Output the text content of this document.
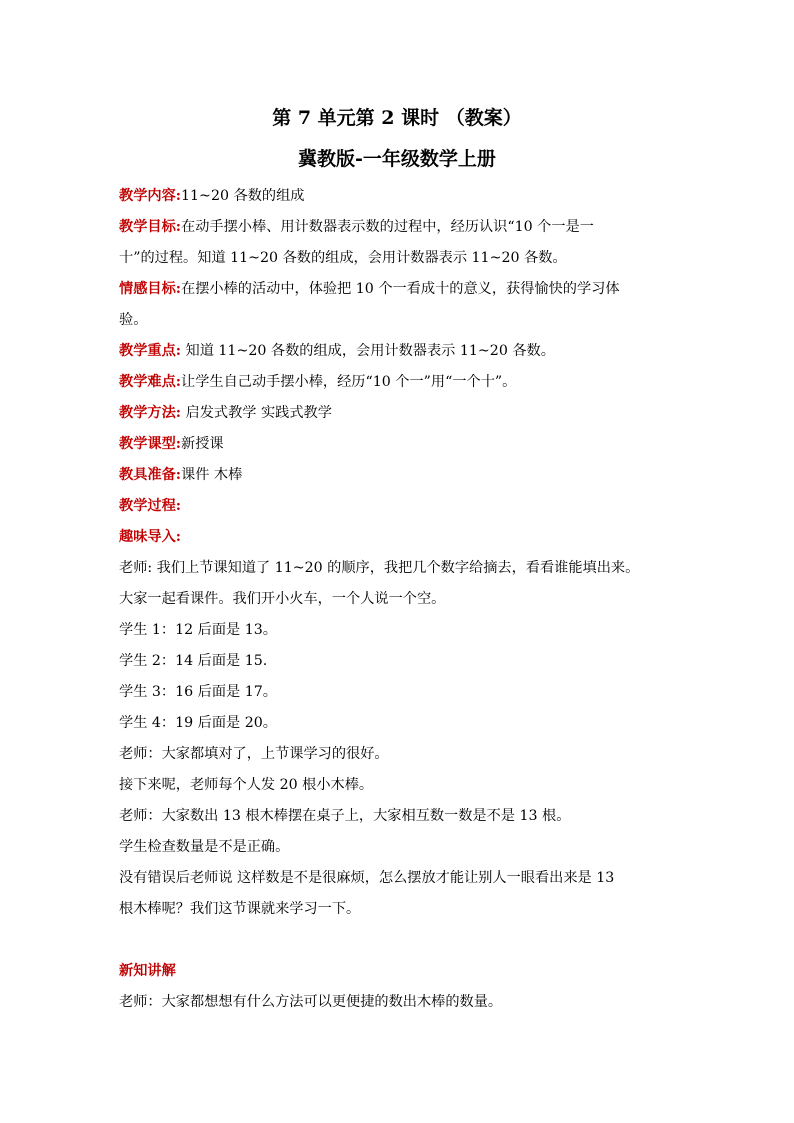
第 7 单元第 2 课时 （教案）
冀教版-一年级数学上册
教学内容:11~20 各数的组成
教学目标:在动手摆小棒、用计数器表示数的过程中，经历认识“10 个一是一
十”的过程。知道 11~20 各数的组成，会用计数器表示 11~20 各数。
情感目标:在摆小棒的活动中，体验把 10 个一看成十的意义，获得愉快的学习体
验。
教学重点: 知道 11~20 各数的组成，会用计数器表示 11~20 各数。
教学难点:让学生自己动手摆小棒，经历“10 个一”用“一个十”。
教学方法: 启发式教学 实践式教学
教学课型:新授课
教具准备:课件 木棒
教学过程:
趣味导入:
老师: 我们上节课知道了 11~20 的顺序，我把几个数字给摘去，看看谁能填出来。
大家一起看课件。我们开小火车，一个人说一个空。
学生 1：12 后面是 13。
学生 2：14 后面是 15.
学生 3：16 后面是 17。
学生 4：19 后面是 20。
老师：大家都填对了，上节课学习的很好。
接下来呢，老师每个人发 20 根小木棒。
老师：大家数出 13 根木棒摆在桌子上，大家相互数一数是不是 13 根。
学生检查数量是不是正确。
没有错误后老师说 这样数是不是很麻烦，怎么摆放才能让别人一眼看出来是 13
根木棒呢？我们这节课就来学习一下。
新知讲解
老师：大家都想想有什么方法可以更便捷的数出木棒的数量。
